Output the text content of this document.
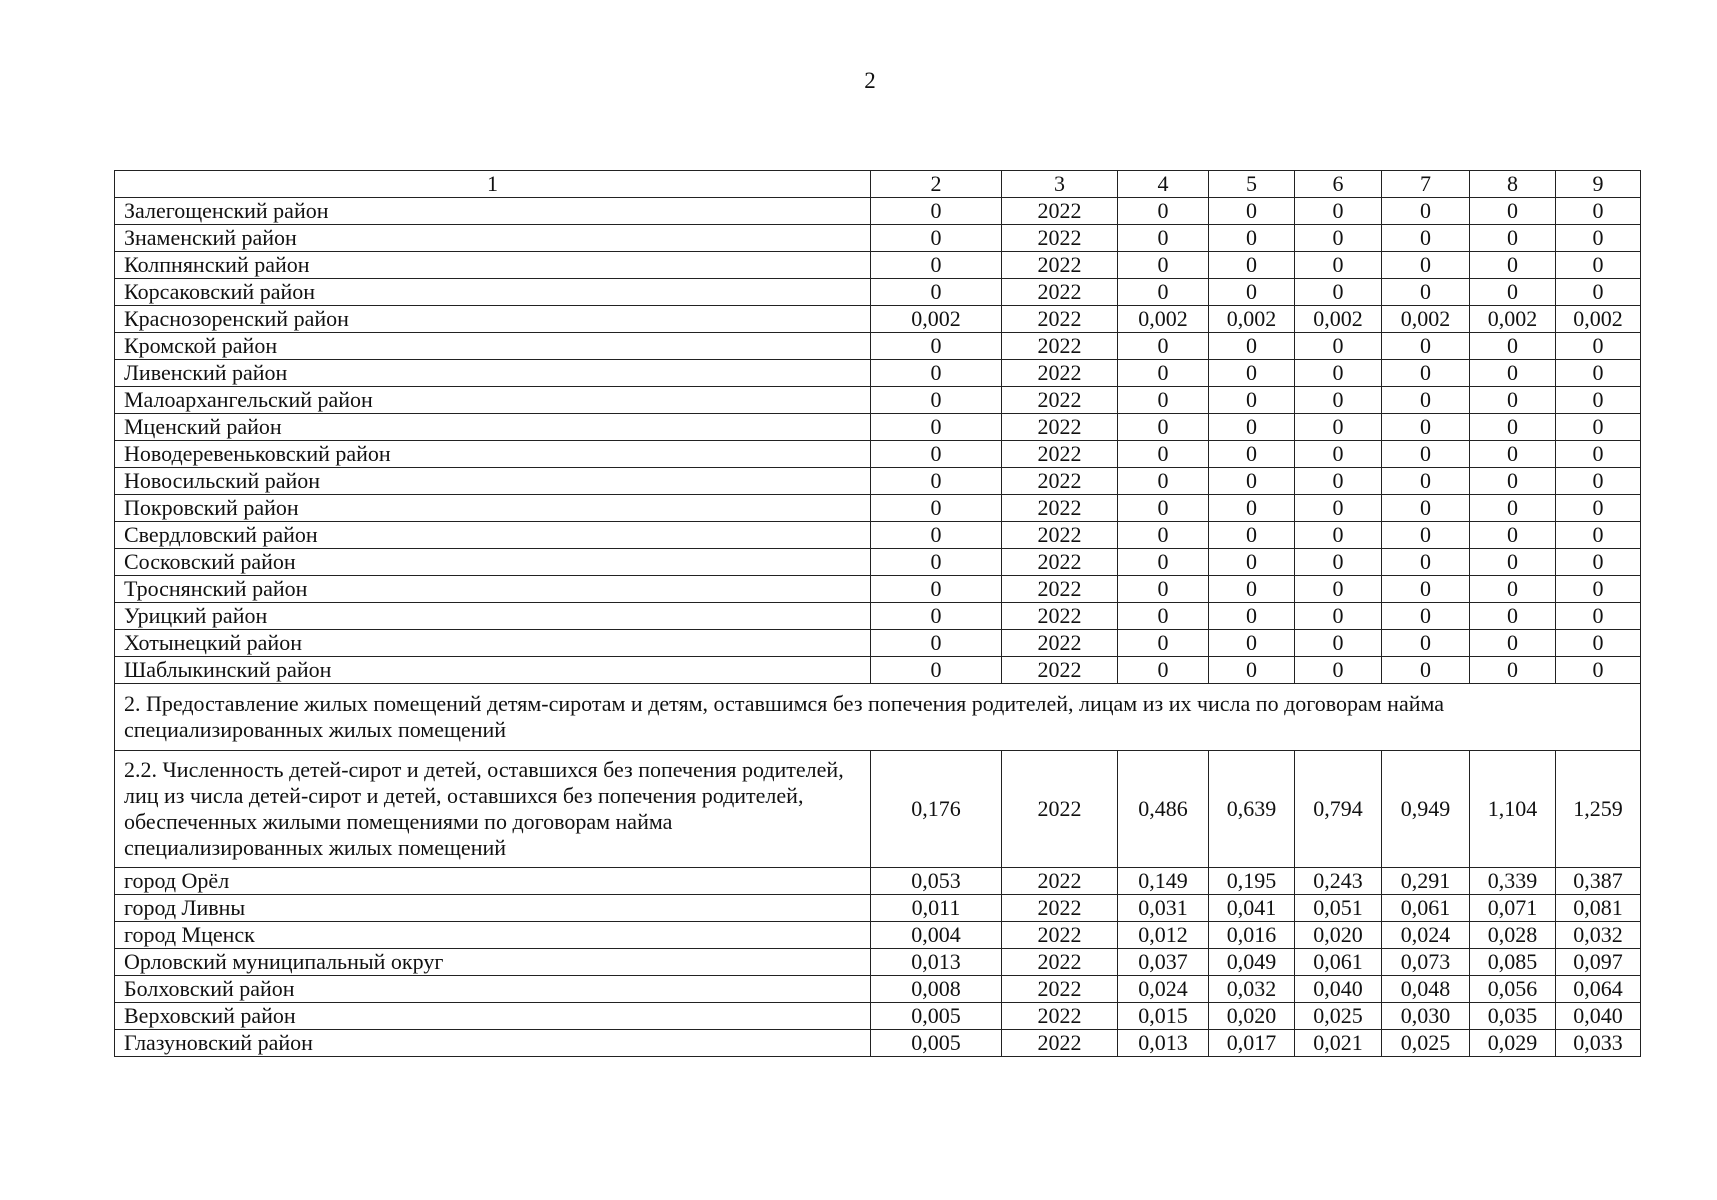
2
1	2	3	4	5	6	7	8	9
Залегощенский район	0	2022	0	0	0	0	0	0
Знаменский район	0	2022	0	0	0	0	0	0
Колпнянский район	0	2022	0	0	0	0	0	0
Корсаковский район	0	2022	0	0	0	0	0	0
Краснозоренский район	0,002	2022	0,002	0,002	0,002	0,002	0,002	0,002
Кромской район	0	2022	0	0	0	0	0	0
Ливенский район	0	2022	0	0	0	0	0	0
Малоархангельский район	0	2022	0	0	0	0	0	0
Мценский район	0	2022	0	0	0	0	0	0
Новодеревеньковский район	0	2022	0	0	0	0	0	0
Новосильский район	0	2022	0	0	0	0	0	0
Покровский район	0	2022	0	0	0	0	0	0
Свердловский район	0	2022	0	0	0	0	0	0
Сосковский район	0	2022	0	0	0	0	0	0
Троснянский район	0	2022	0	0	0	0	0	0
Урицкий район	0	2022	0	0	0	0	0	0
Хотынецкий район	0	2022	0	0	0	0	0	0
Шаблыкинский район	0	2022	0	0	0	0	0	0
2. Предоставление жилых помещений детям-сиротам и детям, оставшимся без попечения родителей, лицам из их числа по договорам найма специализированных жилых помещений								
2.2. Численность детей-сирот и детей, оставшихся без попечения родителей, лиц из числа детей-сирот и детей, оставшихся без попечения родителей, обеспеченных жилыми помещениями по договорам найма специализированных жилых помещений	0,176	2022	0,486	0,639	0,794	0,949	1,104	1,259
город Орёл	0,053	2022	0,149	0,195	0,243	0,291	0,339	0,387
город Ливны	0,011	2022	0,031	0,041	0,051	0,061	0,071	0,081
город Мценск	0,004	2022	0,012	0,016	0,020	0,024	0,028	0,032
Орловский муниципальный округ	0,013	2022	0,037	0,049	0,061	0,073	0,085	0,097
Болховский район	0,008	2022	0,024	0,032	0,040	0,048	0,056	0,064
Верховский район	0,005	2022	0,015	0,020	0,025	0,030	0,035	0,040
Глазуновский район	0,005	2022	0,013	0,017	0,021	0,025	0,029	0,033
